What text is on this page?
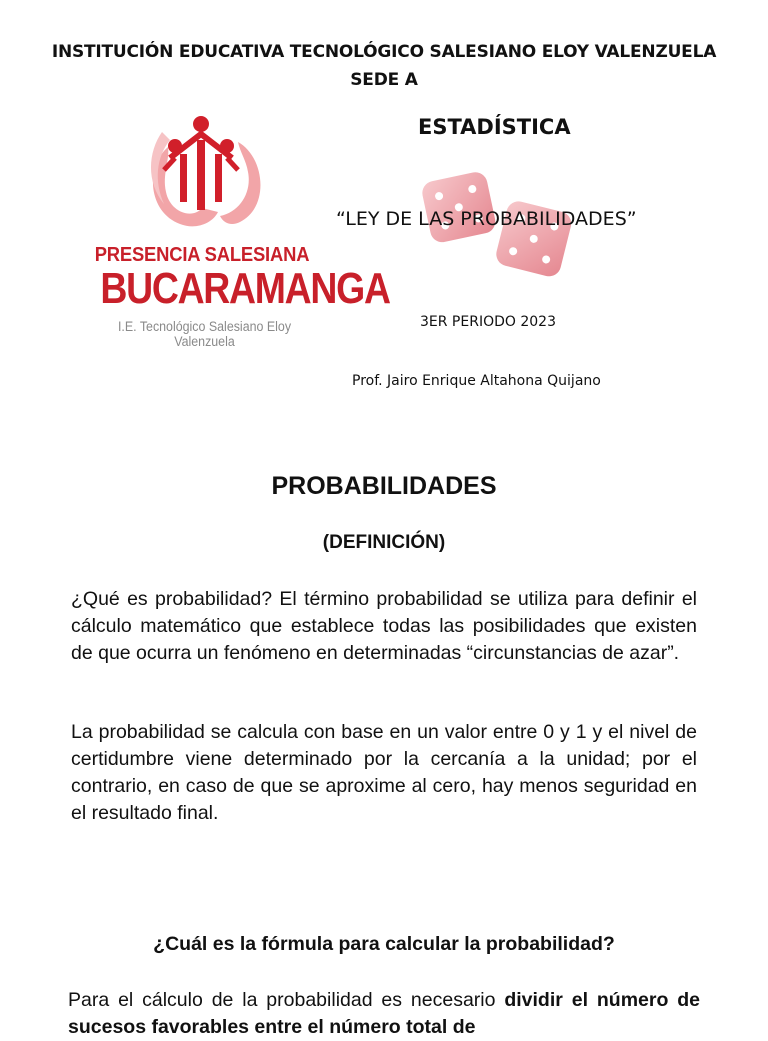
INSTITUCIÓN EDUCATIVA TECNOLÓGICO SALESIANO ELOY VALENZUELA
SEDE A
PRESENCIA SALESIANA
BUCARAMANGA
I.E. Tecnológico Salesiano Eloy Valenzuela
ESTADÍSTICA
“LEY DE LAS PROBABILIDADES”
3ER PERIODO 2023
Prof. Jairo Enrique Altahona Quijano
PROBABILIDADES
(DEFINICIÓN)
¿Qué es probabilidad? El término probabilidad se utiliza para definir el cálculo matemático que establece todas las posibilidades que existen de que ocurra un fenómeno en determinadas “circunstancias de azar”.
La probabilidad se calcula con base en un valor entre 0 y 1 y el nivel de certidumbre viene determinado por la cercanía a la unidad; por el contrario, en caso de que se aproxime al cero, hay menos seguridad en el resultado final.
¿Cuál es la fórmula para calcular la probabilidad?
Para el cálculo de la probabilidad es necesario dividir el número de sucesos favorables entre el número total de
